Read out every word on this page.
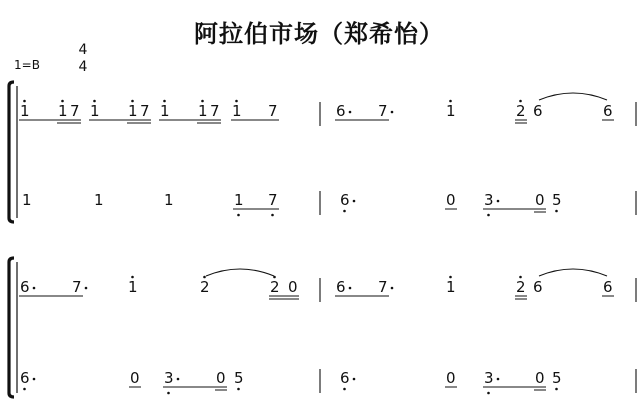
阿拉伯市场（郑希怡）
1=B
4
4
1 1 7 1 1 7 1 1 7 1 7	6 7	1	2 6	6
1	1	1	1 7	6	0 3	0 5
6	7	1	2	2 0	6 7	1	2 6	6
6	0 3	0 5	6	0 3	0 5
